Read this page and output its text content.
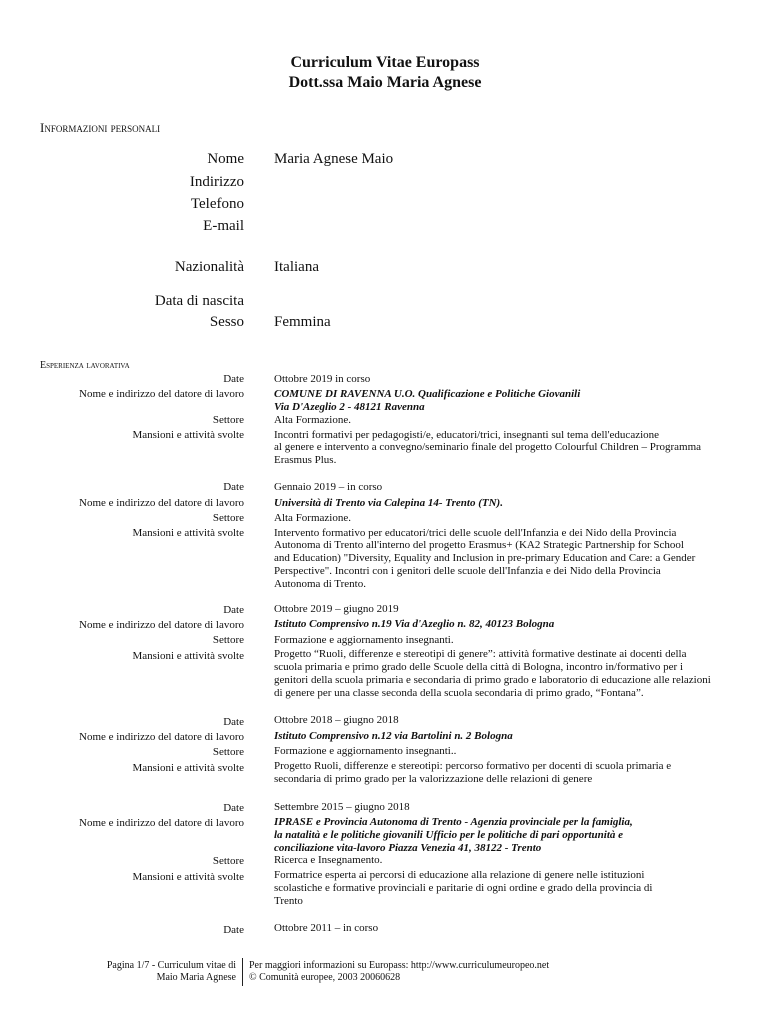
Curriculum Vitae Europass
Dott.ssa Maio Maria Agnese
Informazioni personali
Nome Maria Agnese Maio
Indirizzo
Telefono
E-mail
Nazionalità Italiana
Data di nascita
Sesso Femmina
Esperienza lavorativa
Date	Ottobre 2019 in corso
Nome e indirizzo del datore di lavoro	COMUNE DI RAVENNA U.O. Qualificazione e Politiche Giovanili
Via D'Azeglio 2 - 48121 Ravenna
Settore	Alta Formazione.
Mansioni e attività svolte	Incontri formativi per pedagogisti/e, educatori/trici, insegnanti sul tema dell'educazione
al genere e intervento a convegno/seminario finale del progetto Colourful Children – Programma
Erasmus Plus.
Date	Gennaio 2019 – in corso
Nome e indirizzo del datore di lavoro	Università di Trento via Calepina 14- Trento (TN).
Settore	Alta Formazione.
Mansioni e attività svolte	Intervento formativo per educatori/trici delle scuole dell'Infanzia e dei Nido della Provincia
Autonoma di Trento all'interno del progetto Erasmus+ (KA2 Strategic Partnership for School
and Education) "Diversity, Equality and Inclusion in pre-primary Education and Care: a Gender
Perspective". Incontri con i genitori delle scuole dell'Infanzia e dei Nido della Provincia
Autonoma di Trento.
Date	Ottobre 2019 – giugno 2019
Nome e indirizzo del datore di lavoro	Istituto Comprensivo n.19 Via d'Azeglio n. 82, 40123 Bologna
Settore	Formazione e aggiornamento insegnanti.
Mansioni e attività svolte	Progetto “Ruoli, differenze e stereotipi di genere”: attività formative destinate ai docenti della
scuola primaria e primo grado delle Scuole della città di Bologna, incontro in/formativo per i
genitori della scuola primaria e secondaria di primo grado e laboratorio di educazione alle relazioni
di genere per una classe seconda della scuola secondaria di primo grado, “Fontana”.
Date	Ottobre 2018 – giugno 2018
Nome e indirizzo del datore di lavoro	Istituto Comprensivo n.12 via Bartolini n. 2 Bologna
Settore	Formazione e aggiornamento insegnanti..
Mansioni e attività svolte	Progetto Ruoli, differenze e stereotipi: percorso formativo per docenti di scuola primaria e
secondaria di primo grado per la valorizzazione delle relazioni di genere
Date	Settembre 2015 – giugno 2018
Nome e indirizzo del datore di lavoro	IPRASE e Provincia Autonoma di Trento - Agenzia provinciale per la famiglia,
la natalità e le politiche giovanili Ufficio per le politiche di pari opportunità e
conciliazione vita-lavoro Piazza Venezia 41, 38122 - Trento
Settore	Ricerca e Insegnamento.
Mansioni e attività svolte	Formatrice esperta ai percorsi di educazione alla relazione di genere nelle istituzioni
scolastiche e formative provinciali e paritarie di ogni ordine e grado della provincia di
Trento
Date	Ottobre 2011 – in corso
Pagina 1/7 - Curriculum vitae di
Maio Maria Agnese
Per maggiori informazioni su Europass: http://www.curriculumeuropeo.net
© Comunità europee, 2003 20060628
